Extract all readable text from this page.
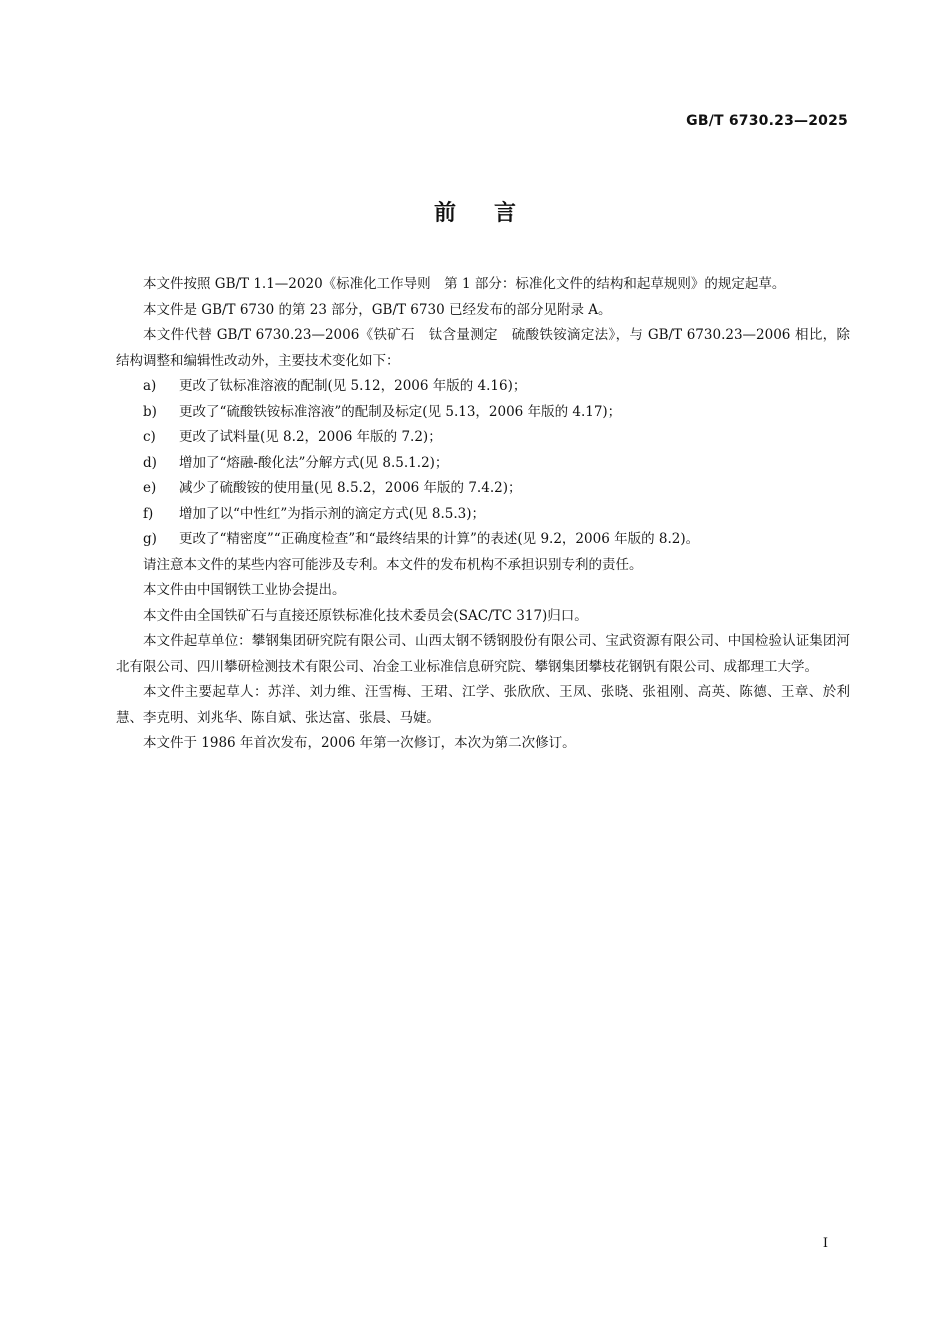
GB/T 6730.23—2025
前言

本文件按照 GB/T 1.1—2020《标准化工作导则　第 1 部分：标准化文件的结构和起草规则》的规定起草。

本文件是 GB/T 6730 的第 23 部分，GB/T 6730 已经发布的部分见附录 A。

本文件代替 GB/T 6730.23—2006《铁矿石　钛含量测定　硫酸铁铵滴定法》，与 GB/T 6730.23—2006 相比，除结构调整和编辑性改动外，主要技术变化如下：

a)	更改了钛标准溶液的配制(见 5.12，2006 年版的 4.16)；
b)	更改了“硫酸铁铵标准溶液”的配制及标定(见 5.13，2006 年版的 4.17)；
c)	更改了试料量(见 8.2，2006 年版的 7.2)；
d)	增加了“熔融-酸化法”分解方式(见 8.5.1.2)；
e)	减少了硫酸铵的使用量(见 8.5.2，2006 年版的 7.4.2)；
f)	增加了以“中性红”为指示剂的滴定方式(见 8.5.3)；
g)	更改了“精密度”“正确度检查”和“最终结果的计算”的表述(见 9.2，2006 年版的 8.2)。

请注意本文件的某些内容可能涉及专利。本文件的发布机构不承担识别专利的责任。

本文件由中国钢铁工业协会提出。

本文件由全国铁矿石与直接还原铁标准化技术委员会(SAC/TC 317)归口。

本文件起草单位：攀钢集团研究院有限公司、山西太钢不锈钢股份有限公司、宝武资源有限公司、中国检验认证集团河北有限公司、四川攀研检测技术有限公司、冶金工业标准信息研究院、攀钢集团攀枝花钢钒有限公司、成都理工大学。

本文件主要起草人：苏洋、刘力维、汪雪梅、王珺、江学、张欣欣、王凤、张晓、张祖刚、高英、陈德、王章、於利慧、李克明、刘兆华、陈自斌、张达富、张晨、马婕。

本文件于 1986 年首次发布，2006 年第一次修订，本次为第二次修订。

I
